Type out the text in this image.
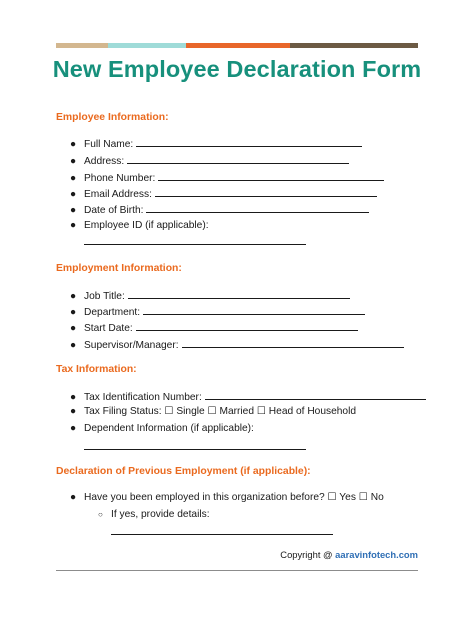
New Employee Declaration Form
Employee Information:
● Full Name:
● Address:
● Phone Number:
● Email Address:
● Date of Birth:
● Employee ID (if applicable):
Employment Information:
● Job Title:
● Department:
● Start Date:
● Supervisor/Manager:
Tax Information:
● Tax Identification Number:
● Tax Filing Status: ☐ Single ☐ Married ☐ Head of Household
● Dependent Information (if applicable):
Declaration of Previous Employment (if applicable):
● Have you been employed in this organization before? ☐ Yes ☐ No
○ If yes, provide details:
Copyright @ aaravinfotech.com
